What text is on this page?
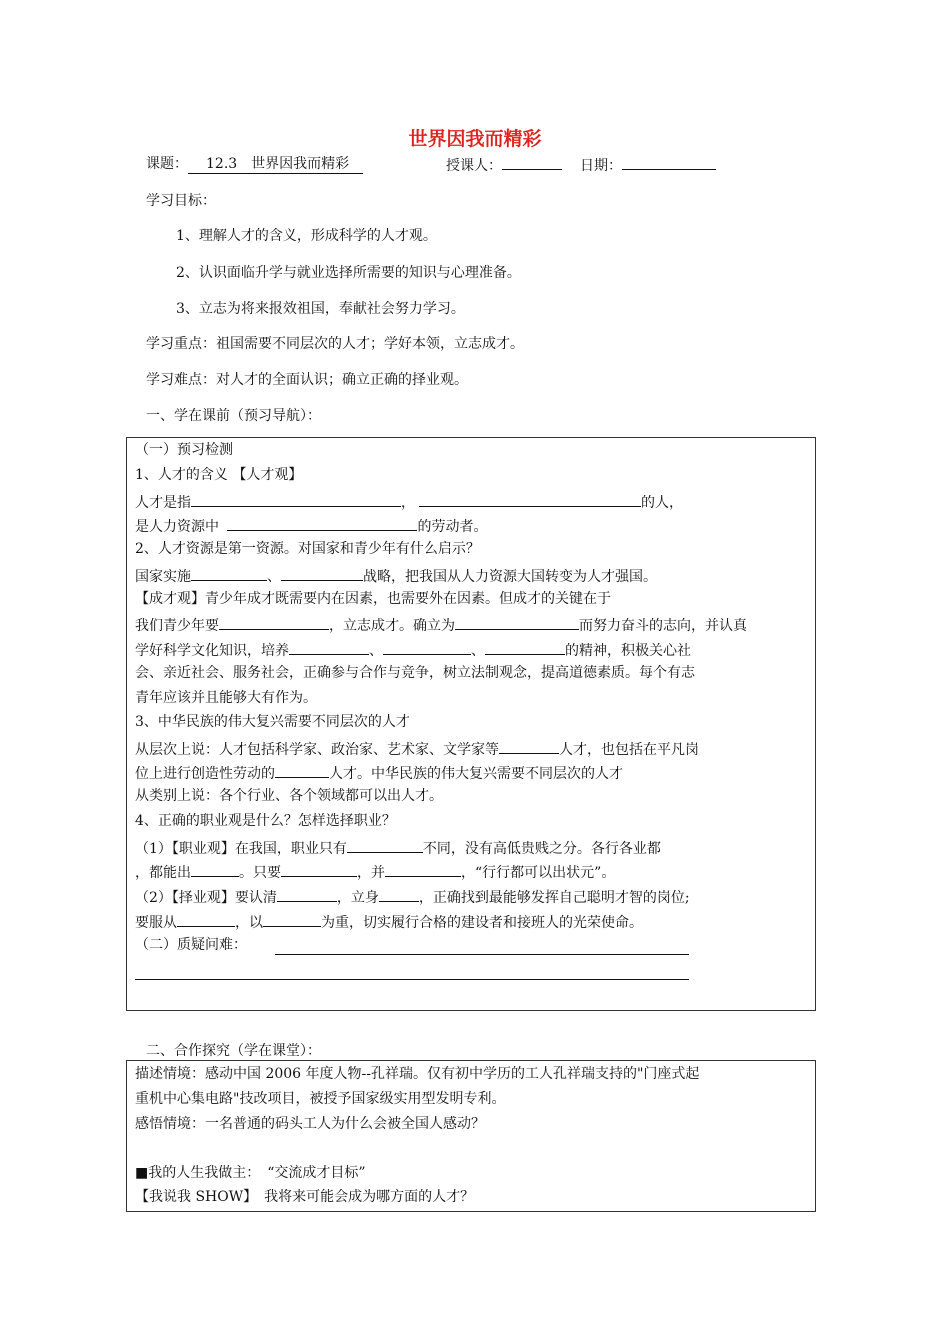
世界因我而精彩
课题： 12.3　世界因我而精彩	授课人：	日期：
学习目标：
1、理解人才的含义，形成科学的人才观。
2、认识面临升学与就业选择所需要的知识与心理准备。
3、立志为将来报效祖国，奉献社会努力学习。
学习重点：祖国需要不同层次的人才；学好本领，立志成才。
学习难点：对人才的全面认识；确立正确的择业观。
一、学在课前（预习导航）：
（一）预习检测
1、人才的含义 【人才观】
人才是指	，	的人，
是人力资源中	的劳动者。
2、人才资源是第一资源。对国家和青少年有什么启示？
国家实施	、	战略，把我国从人力资源大国转变为人才强国。
【成才观】青少年成才既需要内在因素，也需要外在因素。但成才的关键在于
我们青少年要	，立志成才。确立为	而努力奋斗的志向，并认真
学好科学文化知识，培养	、	、	的精神，积极关心社
会、亲近社会、服务社会，正确参与合作与竞争，树立法制观念，提高道德素质。每个有志
青年应该并且能够大有作为。
3、中华民族的伟大复兴需要不同层次的人才
从层次上说：人才包括科学家、政治家、艺术家、文学家等	人才，也包括在平凡岗
位上进行创造性劳动的	人才。中华民族的伟大复兴需要不同层次的人才
从类别上说：各个行业、各个领域都可以出人才。
4、正确的职业观是什么？怎样选择职业？
（1）【职业观】在我国，职业只有	不同，没有高低贵贱之分。各行各业都
，都能出	。只要	，并	，“行行都可以出状元”。
（2）【择业观】要认清	，立身	，正确找到最能够发挥自己聪明才智的岗位;
要服从	，以	为重，切实履行合格的建设者和接班人的光荣使命。
（二）质疑问难：
二、合作探究（学在课堂）：
描述情境：感动中国 2006 年度人物--孔祥瑞。仅有初中学历的工人孔祥瑞支持的"门座式起
重机中心集电路"技改项目，被授予国家级实用型发明专利。
感悟情境：一名普通的码头工人为什么会被全国人感动？
■我的人生我做主：　“交流成才目标”
【我说我 SHOW】　我将来可能会成为哪方面的人才？
